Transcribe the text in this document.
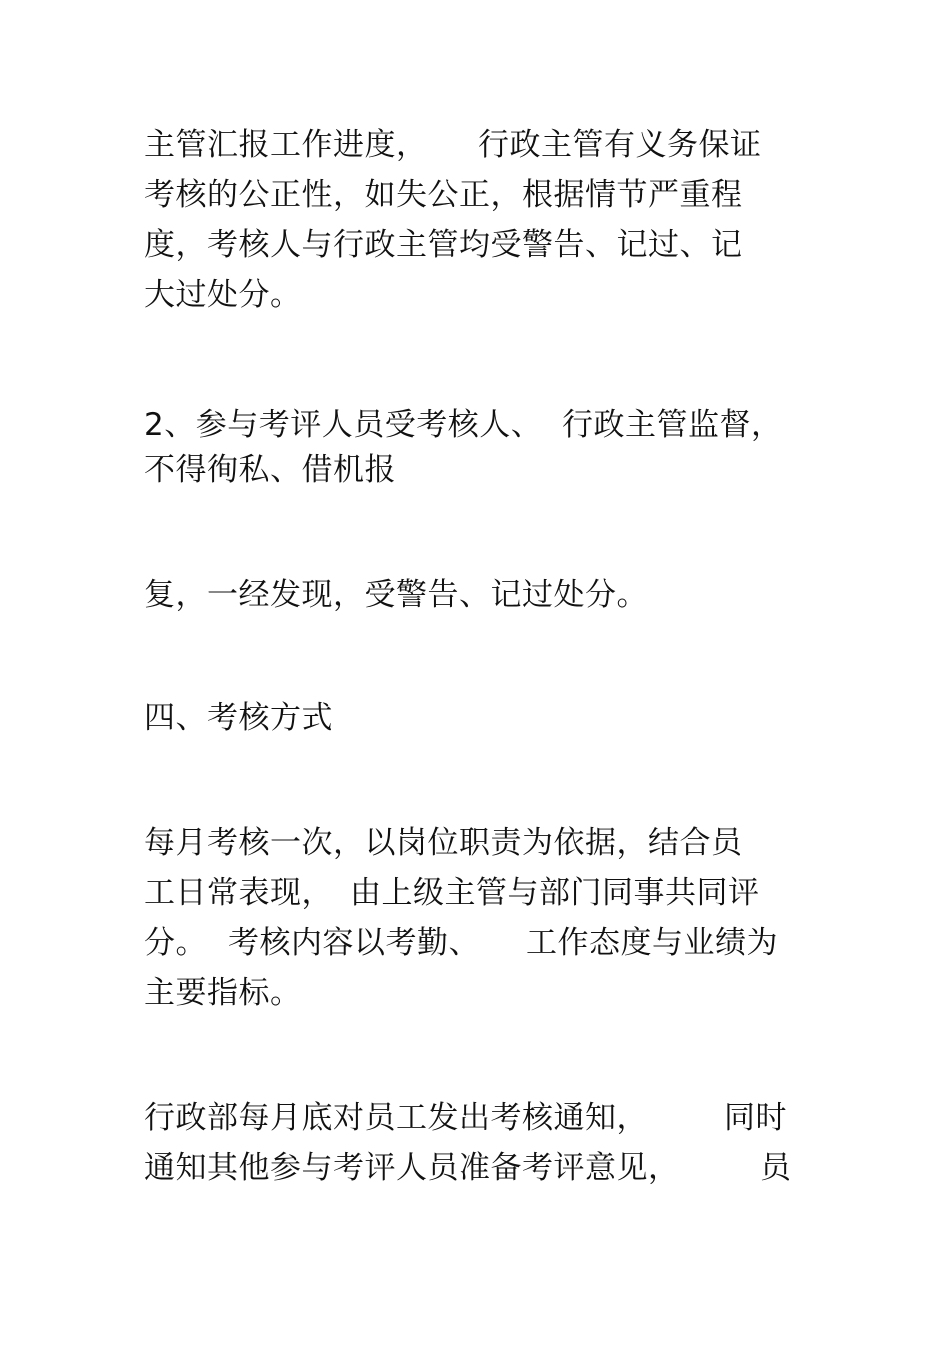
主管汇报工作进度，

行政主管有义务保证

考核的公正性，如失公正，根据情节严重程

度，考核人与行政主管均受警告、记过、记

大过处分。

2、参与考评人员受考核人、

行政主管监督，

不得徇私、借机报

复，一经发现，受警告、记过处分。

四、考核方式

每月考核一次，以岗位职责为依据，结合员

工日常表现，

由上级主管与部门同事共同评

分。

考核内容以考勤、

工作态度与业绩为

主要指标。

行政部每月底对员工发出考核通知，

同时

通知其他参与考评人员准备考评意见，

	员
